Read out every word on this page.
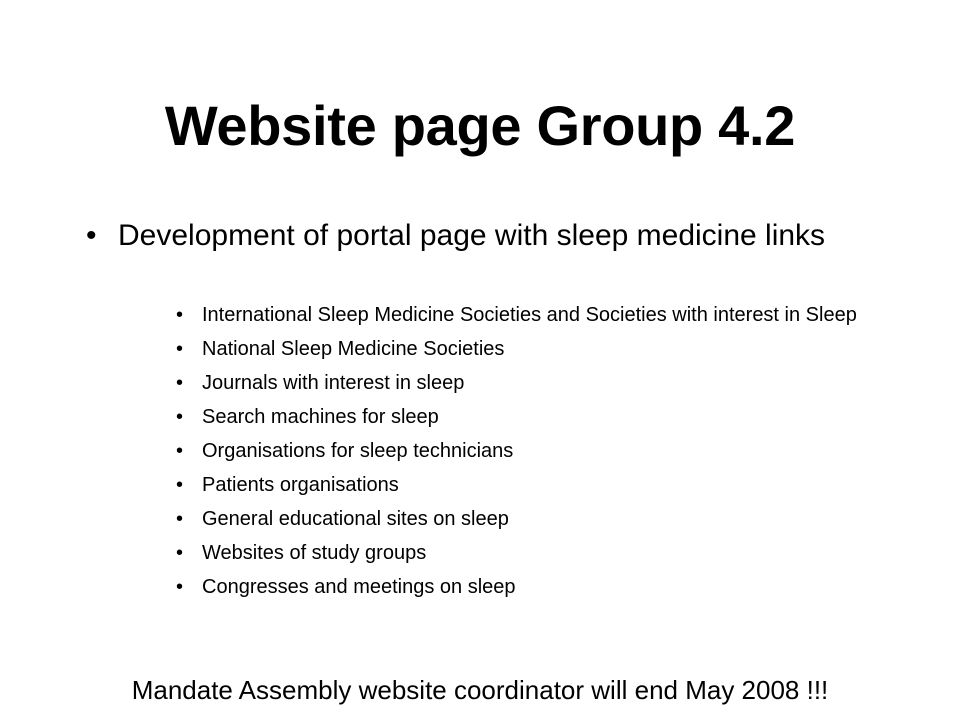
Website page Group 4.2
• Development of portal page with sleep medicine links
• International Sleep Medicine Societies and Societies with interest in Sleep
• National Sleep Medicine Societies
• Journals with interest in sleep
• Search machines for sleep
• Organisations for sleep technicians
• Patients organisations
• General educational sites on sleep
• Websites of study groups
• Congresses and meetings on sleep
Mandate Assembly website coordinator will end May 2008 !!!
